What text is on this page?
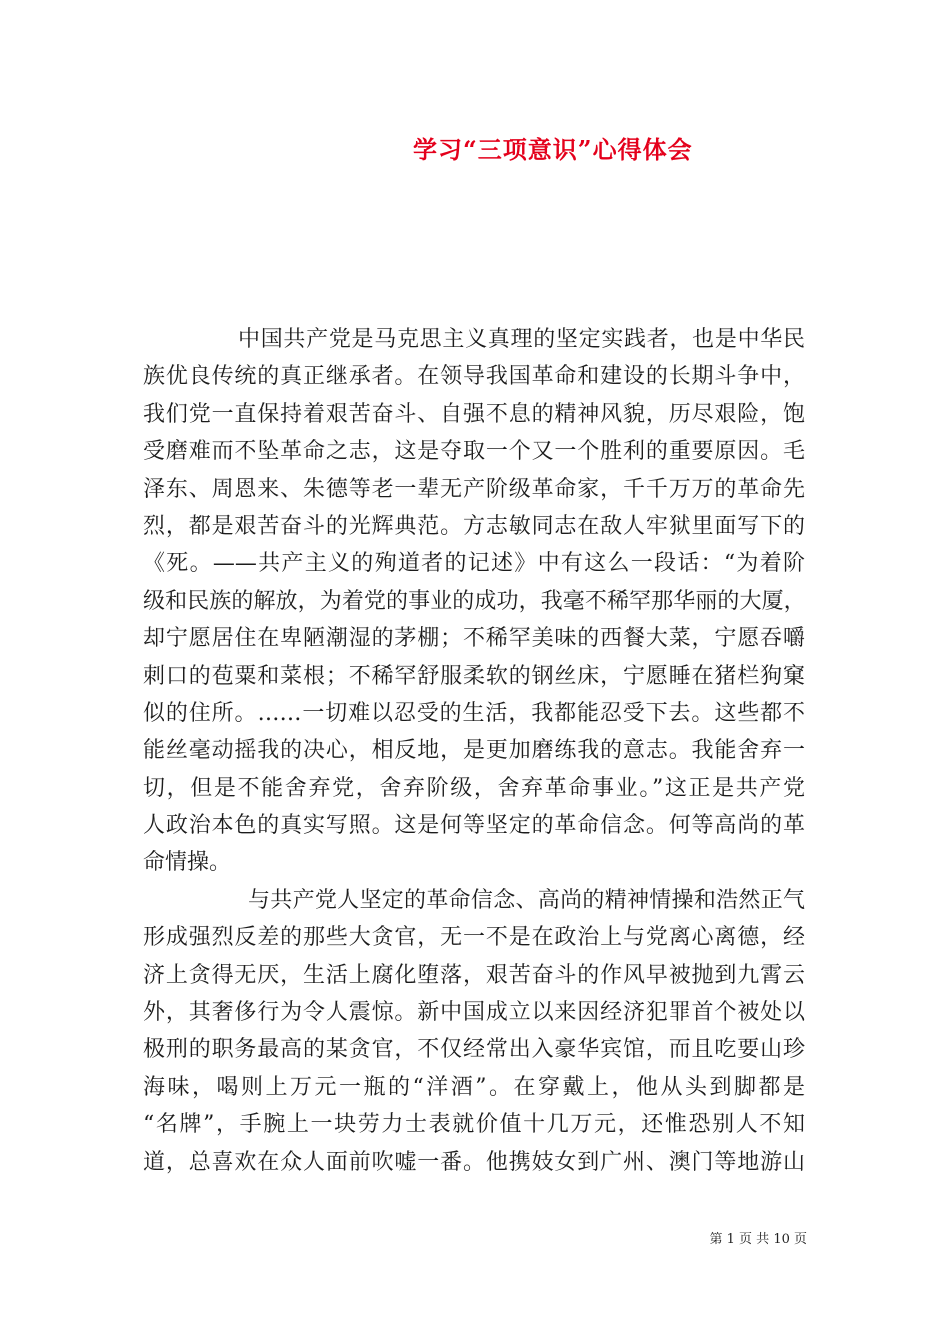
学习“三项意识”心得体会
中国共产党是马克思主义真理的坚定实践者，也是中华民
族优良传统的真正继承者。在领导我国革命和建设的长期斗争中，
我们党一直保持着艰苦奋斗、自强不息的精神风貌，历尽艰险，饱
受磨难而不坠革命之志，这是夺取一个又一个胜利的重要原因。毛
泽东、周恩来、朱德等老一辈无产阶级革命家，千千万万的革命先
烈，都是艰苦奋斗的光辉典范。方志敏同志在敌人牢狱里面写下的
《死。——共产主义的殉道者的记述》中有这么一段话：“为着阶
级和民族的解放，为着党的事业的成功，我毫不稀罕那华丽的大厦，
却宁愿居住在卑陋潮湿的茅棚；不稀罕美味的西餐大菜，宁愿吞嚼
刺口的苞粟和菜根；不稀罕舒服柔软的钢丝床，宁愿睡在猪栏狗窠
似的住所。……一切难以忍受的生活，我都能忍受下去。这些都不
能丝毫动摇我的决心，相反地，是更加磨练我的意志。我能舍弃一
切，但是不能舍弃党，舍弃阶级，舍弃革命事业。”这正是共产党
人政治本色的真实写照。这是何等坚定的革命信念。何等高尚的革
命情操。
与共产党人坚定的革命信念、高尚的精神情操和浩然正气
形成强烈反差的那些大贪官，无一不是在政治上与党离心离德，经
济上贪得无厌，生活上腐化堕落，艰苦奋斗的作风早被抛到九霄云
外，其奢侈行为令人震惊。新中国成立以来因经济犯罪首个被处以
极刑的职务最高的某贪官，不仅经常出入豪华宾馆，而且吃要山珍
海味，喝则上万元一瓶的“洋酒”。在穿戴上，他从头到脚都是
“名牌”，手腕上一块劳力士表就价值十几万元，还惟恐别人不知
道，总喜欢在众人面前吹嘘一番。他携妓女到广州、澳门等地游山
第 1 页 共 10 页
